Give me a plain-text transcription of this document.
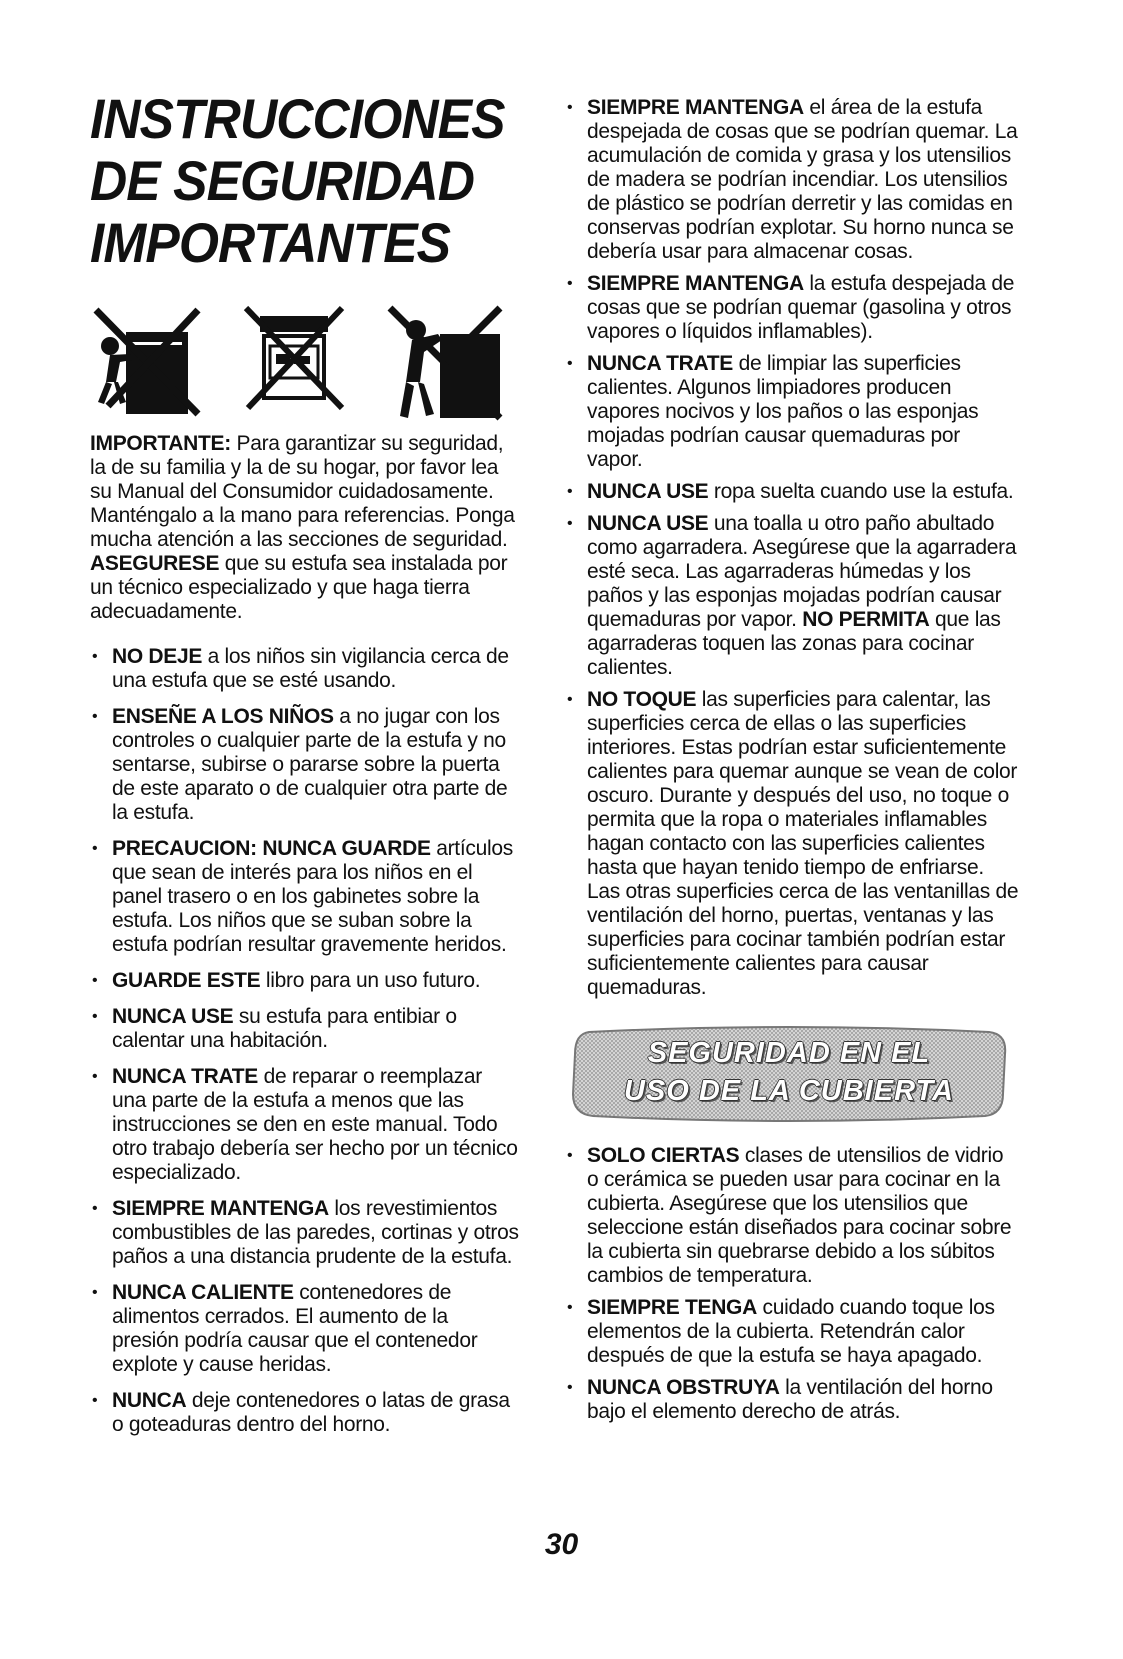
INSTRUCCIONES
DE SEGURIDAD
IMPORTANTES

IMPORTANTE: Para garantizar su seguridad, la de su familia y la de su hogar, por favor lea su Manual del Consumidor cuidadosamente. Manténgalo a la mano para referencias. Ponga mucha atención a las secciones de seguridad. ASEGURESE que su estufa sea instalada por un técnico especializado y que haga tierra adecuadamente.

• NO DEJE a los niños sin vigilancia cerca de una estufa que se esté usando.
• ENSEÑE A LOS NIÑOS a no jugar con los controles o cualquier parte de la estufa y no sentarse, subirse o pararse sobre la puerta de este aparato o de cualquier otra parte de la estufa.
• PRECAUCION: NUNCA GUARDE artículos que sean de interés para los niños en el panel trasero o en los gabinetes sobre la estufa. Los niños que se suban sobre la estufa podrían resultar gravemente heridos.
• GUARDE ESTE libro para un uso futuro.
• NUNCA USE su estufa para entibiar o calentar una habitación.
• NUNCA TRATE de reparar o reemplazar una parte de la estufa a menos que las instrucciones se den en este manual. Todo otro trabajo debería ser hecho por un técnico especializado.
• SIEMPRE MANTENGA los revestimientos combustibles de las paredes, cortinas y otros paños a una distancia prudente de la estufa.
• NUNCA CALIENTE contenedores de alimentos cerrados. El aumento de la presión podría causar que el contenedor explote y cause heridas.
• NUNCA deje contenedores o latas de grasa o goteaduras dentro del horno.
• SIEMPRE MANTENGA el área de la estufa despejada de cosas que se podrían quemar. La acumulación de comida y grasa y los utensilios de madera se podrían incendiar. Los utensilios de plástico se podrían derretir y las comidas en conservas podrían explotar. Su horno nunca se debería usar para almacenar cosas.
• SIEMPRE MANTENGA la estufa despejada de cosas que se podrían quemar (gasolina y otros vapores o líquidos inflamables).
• NUNCA TRATE de limpiar las superficies calientes. Algunos limpiadores producen vapores nocivos y los paños o las esponjas mojadas podrían causar quemaduras por vapor.
• NUNCA USE ropa suelta cuando use la estufa.
• NUNCA USE una toalla u otro paño abultado como agarradera. Asegúrese que la agarradera esté seca. Las agarraderas húmedas y los paños y las esponjas mojadas podrían causar quemaduras por vapor. NO PERMITA que las agarraderas toquen las zonas para cocinar calientes.
• NO TOQUE las superficies para calentar, las superficies cerca de ellas o las superficies interiores. Estas podrían estar suficientemente calientes para quemar aunque se vean de color oscuro. Durante y después del uso, no toque o permita que la ropa o materiales inflamables hagan contacto con las superficies calientes hasta que hayan tenido tiempo de enfriarse. Las otras superficies cerca de las ventanillas de ventilación del horno, puertas, ventanas y las superficies para cocinar también podrían estar suficientemente calientes para causar quemaduras.
SEGURIDAD EN EL
USO DE LA CUBIERTA
• SOLO CIERTAS clases de utensilios de vidrio o cerámica se pueden usar para cocinar en la cubierta. Asegúrese que los utensilios que seleccione están diseñados para cocinar sobre la cubierta sin quebrarse debido a los súbitos cambios de temperatura.
• SIEMPRE TENGA cuidado cuando toque los elementos de la cubierta. Retendrán calor después de que la estufa se haya apagado.
• NUNCA OBSTRUYA la ventilación del horno bajo el elemento derecho de atrás.
30
